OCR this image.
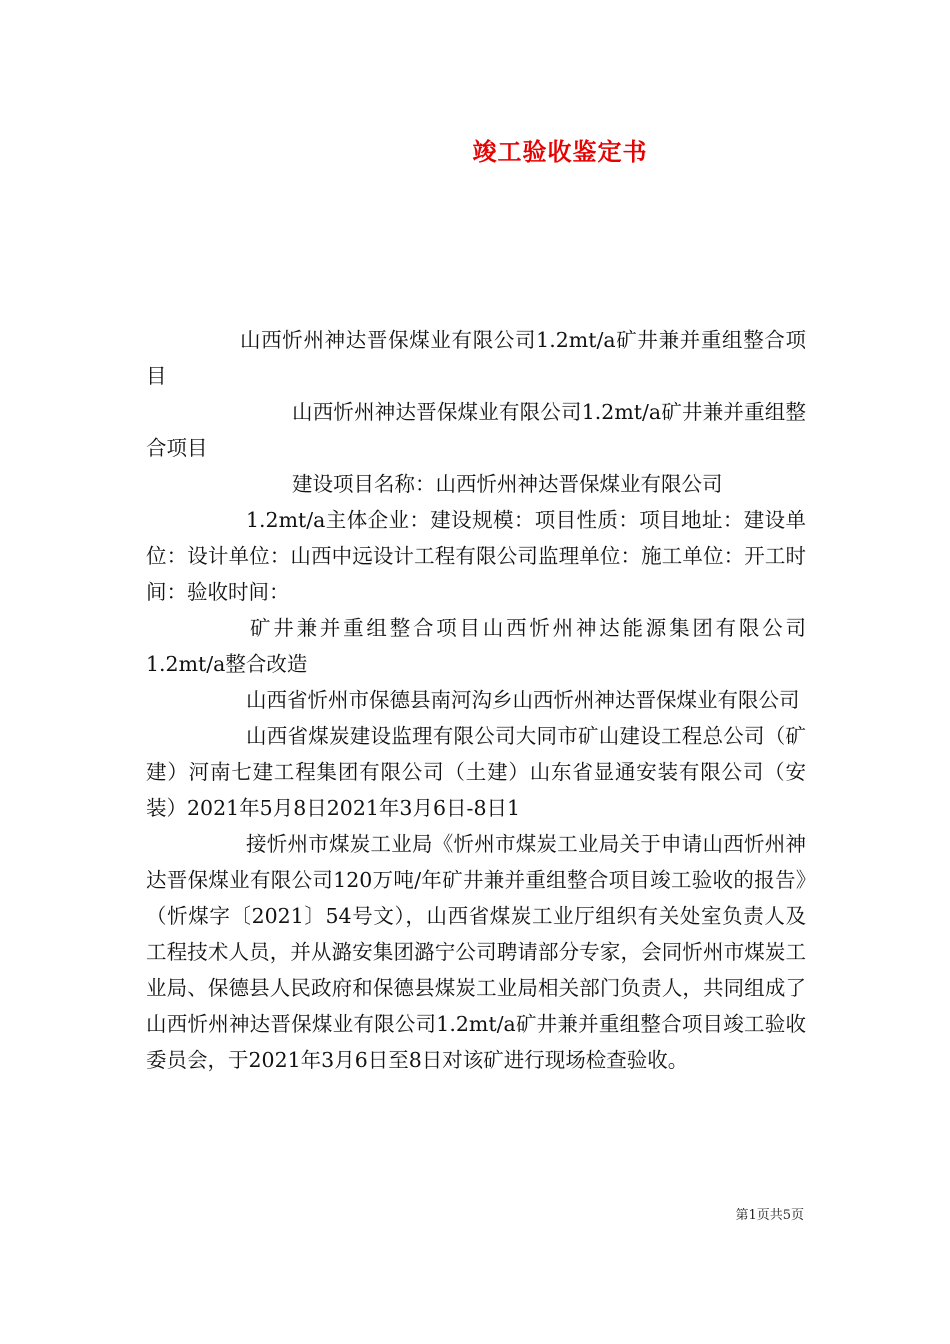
竣工验收鉴定书

山西忻州神达晋保煤业有限公司1.2mt/a矿井兼并重组整合项目

山西忻州神达晋保煤业有限公司1.2mt/a矿井兼并重组整合项目

建设项目名称：山西忻州神达晋保煤业有限公司

1.2mt/a主体企业：建设规模：项目性质：项目地址：建设单位：设计单位：山西中远设计工程有限公司监理单位：施工单位：开工时间：验收时间：

矿井兼并重组整合项目山西忻州神达能源集团有限公司1.2mt/a整合改造

山西省忻州市保德县南河沟乡山西忻州神达晋保煤业有限公司

山西省煤炭建设监理有限公司大同市矿山建设工程总公司（矿建）河南七建工程集团有限公司（土建）山东省显通安装有限公司（安装）2021年5月8日2021年3月6日-8日1

接忻州市煤炭工业局《忻州市煤炭工业局关于申请山西忻州神达晋保煤业有限公司120万吨/年矿井兼并重组整合项目竣工验收的报告》（忻煤字〔2021〕54号文），山西省煤炭工业厅组织有关处室负责人及工程技术人员，并从潞安集团潞宁公司聘请部分专家，会同忻州市煤炭工业局、保德县人民政府和保德县煤炭工业局相关部门负责人，共同组成了山西忻州神达晋保煤业有限公司1.2mt/a矿井兼并重组整合项目竣工验收委员会，于2021年3月6日至8日对该矿进行现场检查验收。

第1页共5页
